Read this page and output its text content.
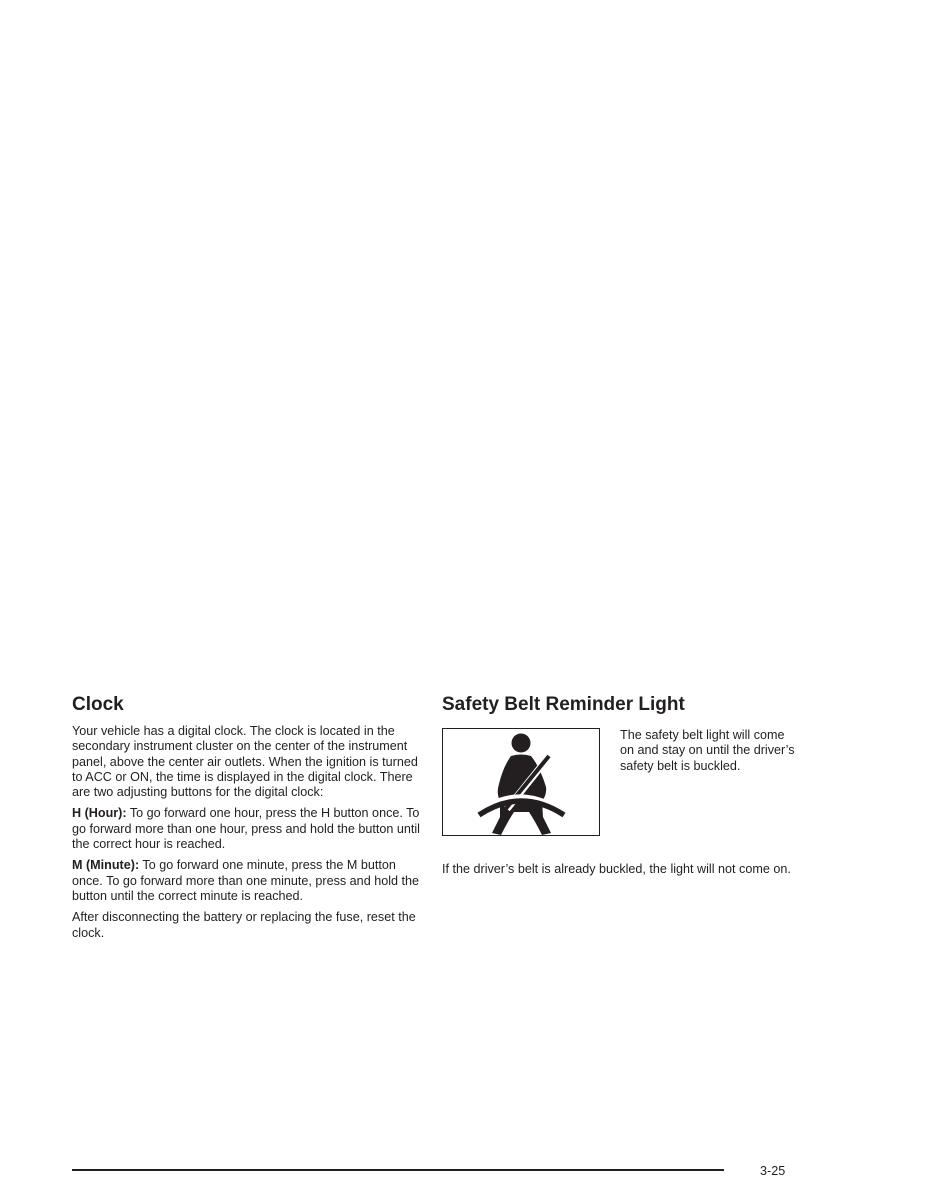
Clock

Your vehicle has a digital clock. The clock is located in the secondary instrument cluster on the center of the instrument panel, above the center air outlets. When the ignition is turned to ACC or ON, the time is displayed in the digital clock. There are two adjusting buttons for the digital clock:

H (Hour): To go forward one hour, press the H button once. To go forward more than one hour, press and hold the button until the correct hour is reached.

M (Minute): To go forward one minute, press the M button once. To go forward more than one minute, press and hold the button until the correct minute is reached.

After disconnecting the battery or replacing the fuse, reset the clock.

Safety Belt Reminder Light

The safety belt light will come on and stay on until the driver’s safety belt is buckled.

If the driver’s belt is already buckled, the light will not come on.

3-25
